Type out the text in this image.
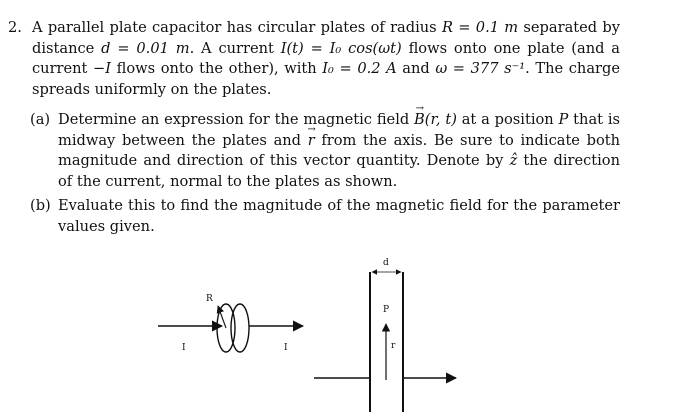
2. A parallel plate capacitor has circular plates of radius R = 0.1 m separated by distance d = 0.01 m. A current I(t) = I₀ cos(ωt) flows onto one plate (and a current −I flows onto the other), with I₀ = 0.2 A and ω = 377 s⁻¹. The charge spreads uniformly on the plates.
(a) Determine an expression for the magnetic field → B(r, t) at a position P that is midway between the plates and → r from the axis. Be sure to indicate both magnitude and direction of this vector quantity. Denote by ẑ the direction of the current, normal to the plates as shown.
(b) Evaluate this to find the magnitude of the magnetic field for the parameter values given.
R
I	I
d
P
r
